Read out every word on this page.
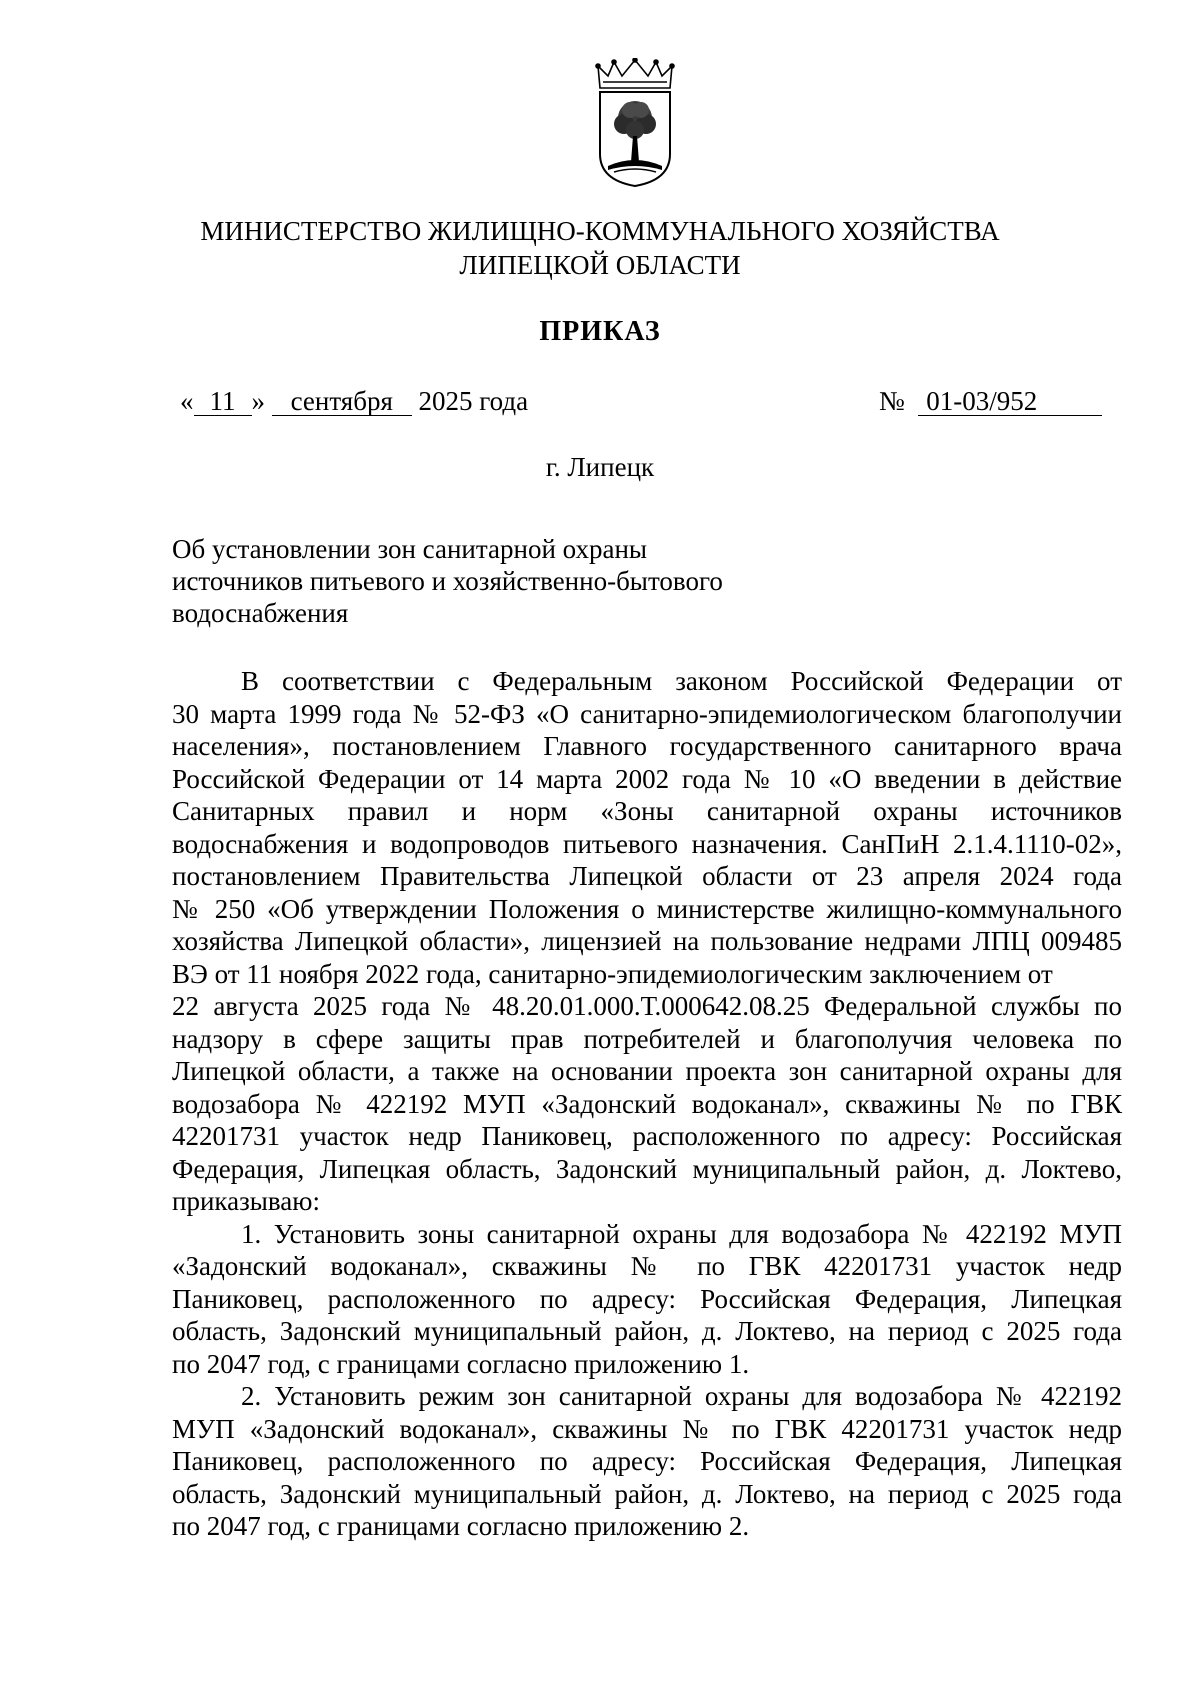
МИНИСТЕРСТВО ЖИЛИЩНО-КОММУНАЛЬНОГО ХОЗЯЙСТВА
ЛИПЕЦКОЙ ОБЛАСТИ
ПРИКАЗ
« 11 » сентября 2025 года	№ 01-03/952
г. Липецк
Об установлении зон санитарной охраны
источников питьевого и хозяйственно-бытового
водоснабжения
В соответствии с Федеральным законом Российской Федерации от
30 марта 1999 года № 52-ФЗ «О санитарно-эпидемиологическом благополучии
населения», постановлением Главного государственного санитарного врача
Российской Федерации от 14 марта 2002 года № 10 «О введении в действие
Санитарных правил и норм «Зоны санитарной охраны источников
водоснабжения и водопроводов питьевого назначения. СанПиН 2.1.4.1110-02»,
постановлением Правительства Липецкой области от 23 апреля 2024 года
№ 250 «Об утверждении Положения о министерстве жилищно-коммунального
хозяйства Липецкой области», лицензией на пользование недрами ЛПЦ 009485
ВЭ от 11 ноября 2022 года, санитарно-эпидемиологическим заключением от
22 августа 2025 года № 48.20.01.000.Т.000642.08.25 Федеральной службы по
надзору в сфере защиты прав потребителей и благополучия человека по
Липецкой области, а также на основании проекта зон санитарной охраны для
водозабора № 422192 МУП «Задонский водоканал», скважины № по ГВК
42201731 участок недр Паниковец, расположенного по адресу: Российская
Федерация, Липецкая область, Задонский муниципальный район, д. Локтево,
приказываю:
1. Установить зоны санитарной охраны для водозабора № 422192 МУП
«Задонский водоканал», скважины № по ГВК 42201731 участок недр
Паниковец, расположенного по адресу: Российская Федерация, Липецкая
область, Задонский муниципальный район, д. Локтево, на период с 2025 года
по 2047 год, с границами согласно приложению 1.
2. Установить режим зон санитарной охраны для водозабора № 422192
МУП «Задонский водоканал», скважины № по ГВК 42201731 участок недр
Паниковец, расположенного по адресу: Российская Федерация, Липецкая
область, Задонский муниципальный район, д. Локтево, на период с 2025 года
по 2047 год, с границами согласно приложению 2.
